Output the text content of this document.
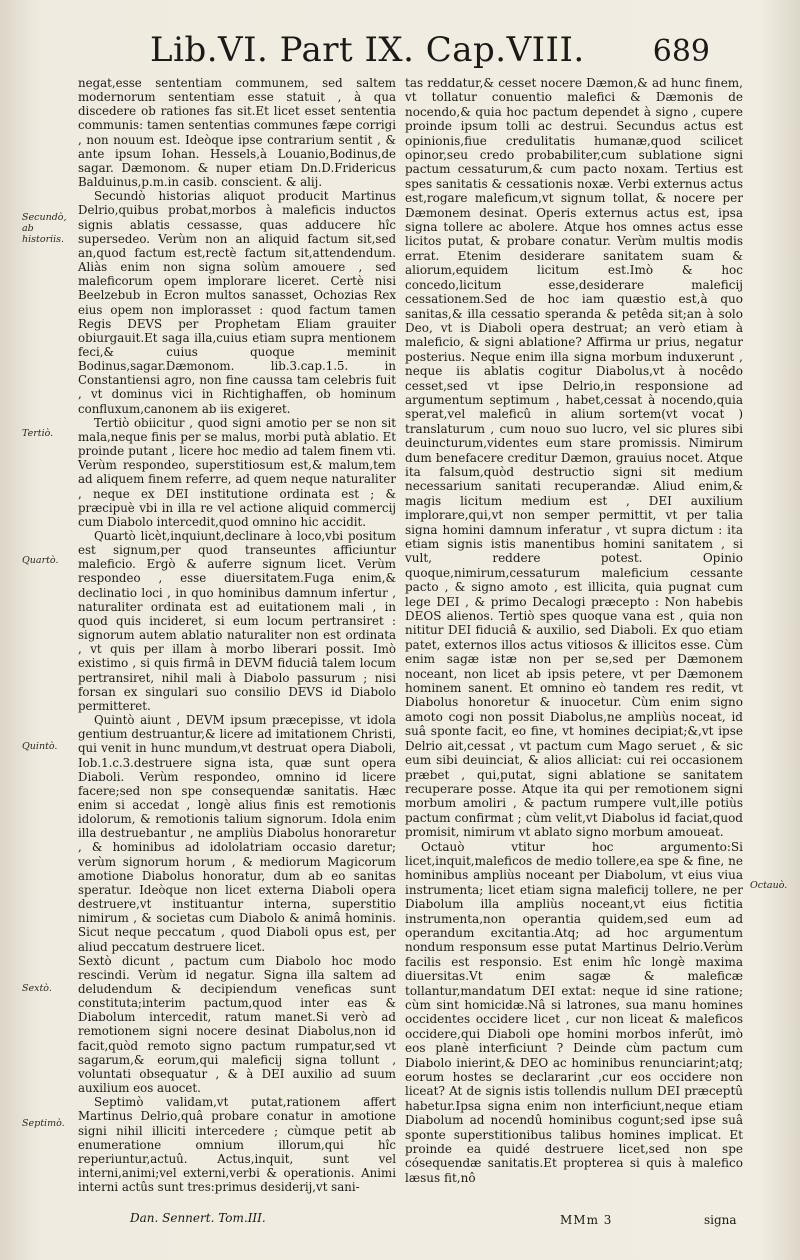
Lib.VI. Part IX. Cap.VIII. 689
Secundò, ab historiis.
Tertiò.
Quartò.
Quintò.
Sextò.
Septimò.
Octauò.

negat,esse sententiam communem, sed saltem modernorum sententiam esse statuit , à qua discedere ob rationes fas sit.Et licet esset sententia communis: tamen sententias communes fæpe corrigi , non nouum est. Ideòque ipse contrarium sentit , & ante ipsum Iohan. Hessels,à Louanio,Bodinus,de sagar. Dæmonom. & nuper etiam Dn.D.Fridericus Balduinus,p.m.in casib. conscient. & alij.

Secundò historias aliquot producit Martinus Delrio,quibus probat,morbos à maleficis inductos signis ablatis cessasse, quas adducere hîc supersedeo. Verùm non an aliquid factum sit,sed an,quod factum est,rectè factum sit,attendendum. Aliàs enim non signa solùm amouere , sed maleficorum opem implorare liceret. Certè nisi Beelzebub in Ecron multos sanasset, Ochozias Rex eius opem non implorasset : quod factum tamen Regis DEVS per Prophetam Eliam grauiter obiurgauit.Et saga illa,cuius etiam supra mentionem feci,& cuius quoque meminit Bodinus,sagar.Dæmonom. lib.3.cap.1.5. in Constantiensi agro, non fine caussa tam celebris fuit , vt dominus vici in Richtighaffen, ob hominum confluxum,canonem ab iis exigeret.

Tertiò obiicitur , quod signi amotio per se non sit mala,neque finis per se malus, morbi putà ablatio. Et proinde putant , licere hoc medio ad talem finem vti. Verùm respondeo, superstitiosum est,& malum,tem ad aliquem finem referre, ad quem neque naturaliter , neque ex DEI institutione ordinata est ; & præcipuè vbi in illa re vel actione aliquid commercij cum Diabolo intercedit,quod omnino hic accidit.

Quartò licèt,inquiunt,declinare à loco,vbi positum est signum,per quod transeuntes afficiuntur maleficio. Ergò & auferre signum licet. Verùm respondeo , esse diuersitatem.Fuga enim,& declinatio loci , in quo hominibus damnum infertur , naturaliter ordinata est ad euitationem mali , in quod quis incideret, si eum locum pertransiret : signorum autem ablatio naturaliter non est ordinata , vt quis per illam à morbo liberari possit. Imò existimo , si quis firmâ in DEVM fiduciâ talem locum pertransiret, nihil mali à Diabolo passurum ; nisi forsan ex singulari suo consilio DEVS id Diabolo permitteret.

Quintò aiunt , DEVM ipsum præcepisse, vt idola gentium destruantur,& licere ad imitationem Christi, qui venit in hunc mundum,vt destruat opera Diaboli, Iob.1.c.3.destruere signa ista, quæ sunt opera Diaboli. Verùm respondeo, omnino id licere facere;sed non spe consequendæ sanitatis. Hæc enim si accedat , longè alius finis est remotionis idolorum, & remotionis talium signorum. Idola enim illa destruebantur , ne ampliùs Diabolus honoraretur , & hominibus ad idololatriam occasio daretur; verùm signorum horum , & mediorum Magicorum amotione Diabolus honoratur, dum ab eo sanitas speratur. Ideòque non licet externa Diaboli opera destruere,vt instituantur interna, superstitio nimirum , & societas cum Diabolo & animâ hominis. Sicut neque peccatum , quod Diaboli opus est, per aliud peccatum destruere licet.

Sextò dicunt , pactum cum Diabolo hoc modo rescindi. Verùm id negatur. Signa illa saltem ad deludendum & decipiendum veneficas sunt constituta;interim pactum,quod inter eas & Diabolum intercedit, ratum manet.Si verò ad remotionem signi nocere desinat Diabolus,non id facit,quòd remoto signo pactum rumpatur,sed vt sagarum,& eorum,qui maleficij signa tollunt , voluntati obsequatur , & à DEI auxilio ad suum auxilium eos auocet.

Septimò validam,vt putat,rationem affert Martinus Delrio,quâ probare conatur in amotione signi nihil illiciti intercedere ; cùmque petit ab enumeratione omnium illorum,qui hîc reperiuntur,actuû. Actus,inquit, sunt vel interni,animi;vel externi,verbi & operationis. Animi interni actûs sunt tres:primus desiderij,vt sani-

tas reddatur,& cesset nocere Dæmon,& ad hunc finem, vt tollatur conuentio malefici & Dæmonis de nocendo,& quia hoc pactum dependet à signo , cupere proinde ipsum tolli ac destrui. Secundus actus est opinionis,fiue credulitatis humanæ,quod scilicet opinor,seu credo probabiliter,cum sublatione signi pactum cessaturum,& cum pacto noxam. Tertius est spes sanitatis & cessationis noxæ. Verbi externus actus est,rogare maleficum,vt signum tollat, & nocere per Dæmonem desinat. Operis externus actus est, ipsa signa tollere ac abolere. Atque hos omnes actus esse licitos putat, & probare conatur. Verùm multis modis errat. Etenim desiderare sanitatem suam & aliorum,equidem licitum est.Imò & hoc concedo,licitum esse,desiderare maleficij cessationem.Sed de hoc iam quæstio est,à quo sanitas,& illa cessatio speranda & petêda sit;an à solo Deo, vt is Diaboli opera destruat; an verò etiam à maleficio, & signi ablatione? Affirma ur prius, negatur posterius. Neque enim illa signa morbum induxerunt , neque iis ablatis cogitur Diabolus,vt à nocêdo cesset,sed vt ipse Delrio,in responsione ad argumentum septimum , habet,cessat à nocendo,quia sperat,vel maleficû in alium sortem(vt vocat ) translaturum , cum nouo suo lucro, vel sic plures sibi deuincturum,videntes eum stare promissis. Nimirum dum benefacere creditur Dæmon, grauius nocet. Atque ita falsum,quòd destructio signi sit medium necessarium sanitati recuperandæ. Aliud enim,& magis licitum medium est , DEI auxilium implorare,qui,vt non semper permittit, vt per talia signa homini damnum inferatur , vt supra dictum : ita etiam signis istis manentibus homini sanitatem , si vult, reddere potest. Opinio quoque,nimirum,cessaturum maleficium cessante pacto , & signo amoto , est illicita, quia pugnat cum lege DEI , & primo Decalogi præcepto : Non habebis DEOS alienos. Tertiò spes quoque vana est , quia non nititur DEI fiduciâ & auxilio, sed Diaboli. Ex quo etiam patet, externos illos actus vitiosos & illicitos esse. Cùm enim sagæ istæ non per se,sed per Dæmonem noceant, non licet ab ipsis petere, vt per Dæmonem hominem sanent. Et omnino eò tandem res redit, vt Diabolus honoretur & inuocetur. Cùm enim signo amoto cogi non possit Diabolus,ne ampliùs noceat, id suâ sponte facit, eo fine, vt homines decipiat;&,vt ipse Delrio ait,cessat , vt pactum cum Mago seruet , & sic eum sibi deuinciat, & alios alliciat: cui rei occasionem præbet , qui,putat, signi ablatione se sanitatem recuperare posse. Atque ita qui per remotionem signi morbum amoliri , & pactum rumpere vult,ille potiùs pactum confirmat ; cùm velit,vt Diabolus id faciat,quod promisit, nimirum vt ablato signo morbum amoueat.

Octauò vtitur hoc argumento:Si licet,inquit,maleficos de medio tollere,ea spe & fine, ne hominibus ampliùs noceant per Diabolum, vt eius viua instrumenta; licet etiam signa maleficij tollere, ne per Diabolum illa ampliùs noceant,vt eius fictitia instrumenta,non operantia quidem,sed eum ad operandum excitantia.Atq; ad hoc argumentum nondum responsum esse putat Martinus Delrio.Verùm facilis est responsio. Est enim hîc longè maxima diuersitas.Vt enim sagæ & maleficæ tollantur,mandatum DEI extat: neque id sine ratione; cùm sint homicidæ.Nâ si latrones, sua manu homines occidentes occidere licet , cur non liceat & maleficos occidere,qui Diaboli ope homini morbos inferût, imò eos planè interficiunt ? Deinde cùm pactum cum Diabolo inierint,& DEO ac hominibus renunciarint;atq; eorum hostes se declararint ,cur eos occidere non liceat? At de signis istis tollendis nullum DEI præceptû habetur.Ipsa signa enim non interficiunt,neque etiam Diabolum ad nocendû hominibus cogunt;sed ipse suâ sponte superstitionibus talibus homines implicat. Et proinde ea quidé destruere licet,sed non spe cósequendæ sanitatis.Et propterea si quis à malefico læsus fit,nô

Dan. Sennert. Tom.III.	MMm 3	signa
